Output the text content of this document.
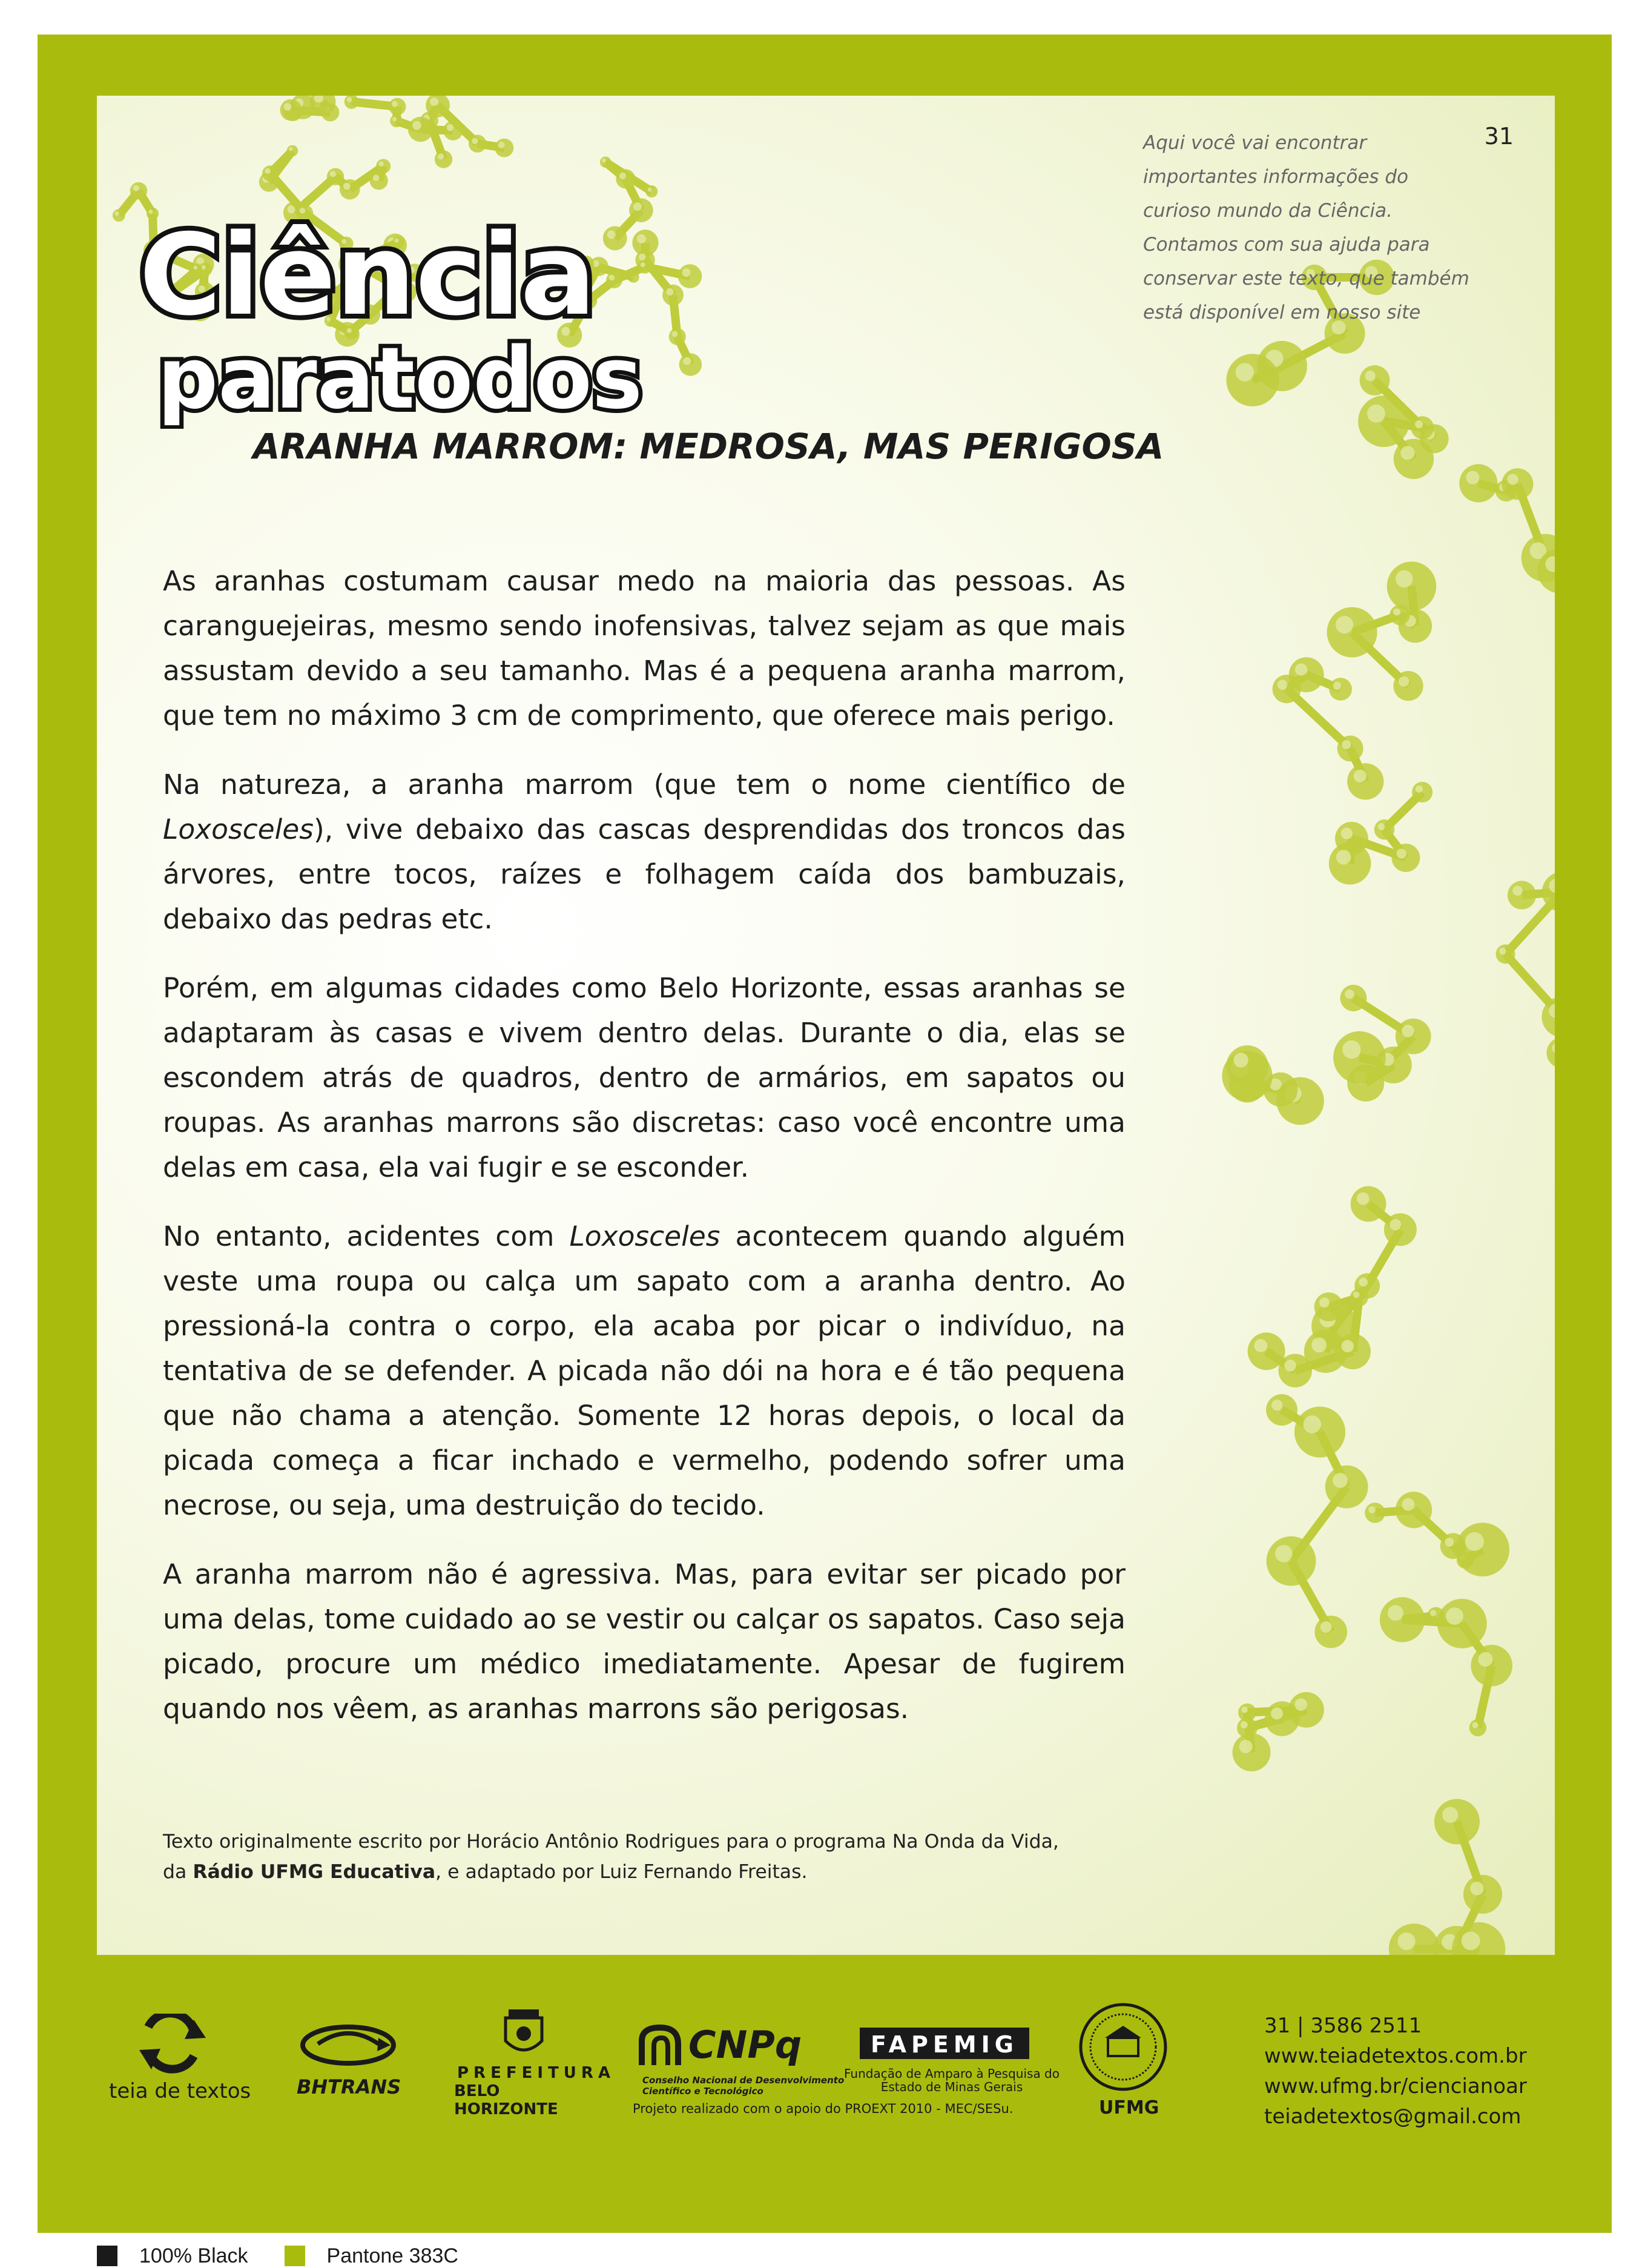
Ciência
paratodos
Aqui você vai encontrar
importantes informações do
curioso mundo da Ciência.
Contamos com sua ajuda para
conservar este texto, que também
está disponível em nosso site
31
ARANHA MARROM: MEDROSA, MAS PERIGOSA

As aranhas costumam causar medo na maioria das pessoas. As caranguejeiras, mesmo sendo inofensivas, talvez sejam as que mais assustam devido a seu tamanho. Mas é a pequena aranha marrom, que tem no máximo 3 cm de comprimento, que oferece mais perigo.

Na natureza, a aranha marrom (que tem o nome científico de Loxosceles), vive debaixo das cascas desprendidas dos troncos das árvores, entre tocos, raízes e folhagem caída dos bambuzais, debaixo das pedras etc.

Porém, em algumas cidades como Belo Horizonte, essas aranhas se adaptaram às casas e vivem dentro delas. Durante o dia, elas se escondem atrás de quadros, dentro de armários, em sapatos ou roupas. As aranhas marrons são discretas: caso você encontre uma delas em casa, ela vai fugir e se esconder.

No entanto, acidentes com Loxosceles acontecem quando alguém veste uma roupa ou calça um sapato com a aranha dentro. Ao pressioná-la contra o corpo, ela acaba por picar o indivíduo, na tentativa de se defender. A picada não dói na hora e é tão pequena que não chama a atenção. Somente 12 horas depois, o local da picada começa a ficar inchado e vermelho, podendo sofrer uma necrose, ou seja, uma destruição do tecido.

A aranha marrom não é agressiva. Mas, para evitar ser picado por uma delas, tome cuidado ao se vestir ou calçar os sapatos. Caso seja picado, procure um médico imediatamente. Apesar de fugirem quando nos vêem, as aranhas marrons são perigosas.

Texto originalmente escrito por Horácio Antônio Rodrigues para o programa Na Onda da Vida,
da Rádio UFMG Educativa, e adaptado por Luiz Fernando Freitas.
teia de textos BHTRANS
PREFEITURA
BELO HORIZONTE
CNPq
Conselho Nacional de Desenvolvimento
Científico e Tecnológico
FAPEMIG
Fundação de Amparo à Pesquisa do
Estado de Minas Gerais
Projeto realizado com o apoio do PROEXT 2010 - MEC/SESu.	UFMG
31 | 3586 2511
www.teiadetextos.com.br
www.ufmg.br/ciencianoar
teiadetextos@gmail.com
100% Black	Pantone 383C
